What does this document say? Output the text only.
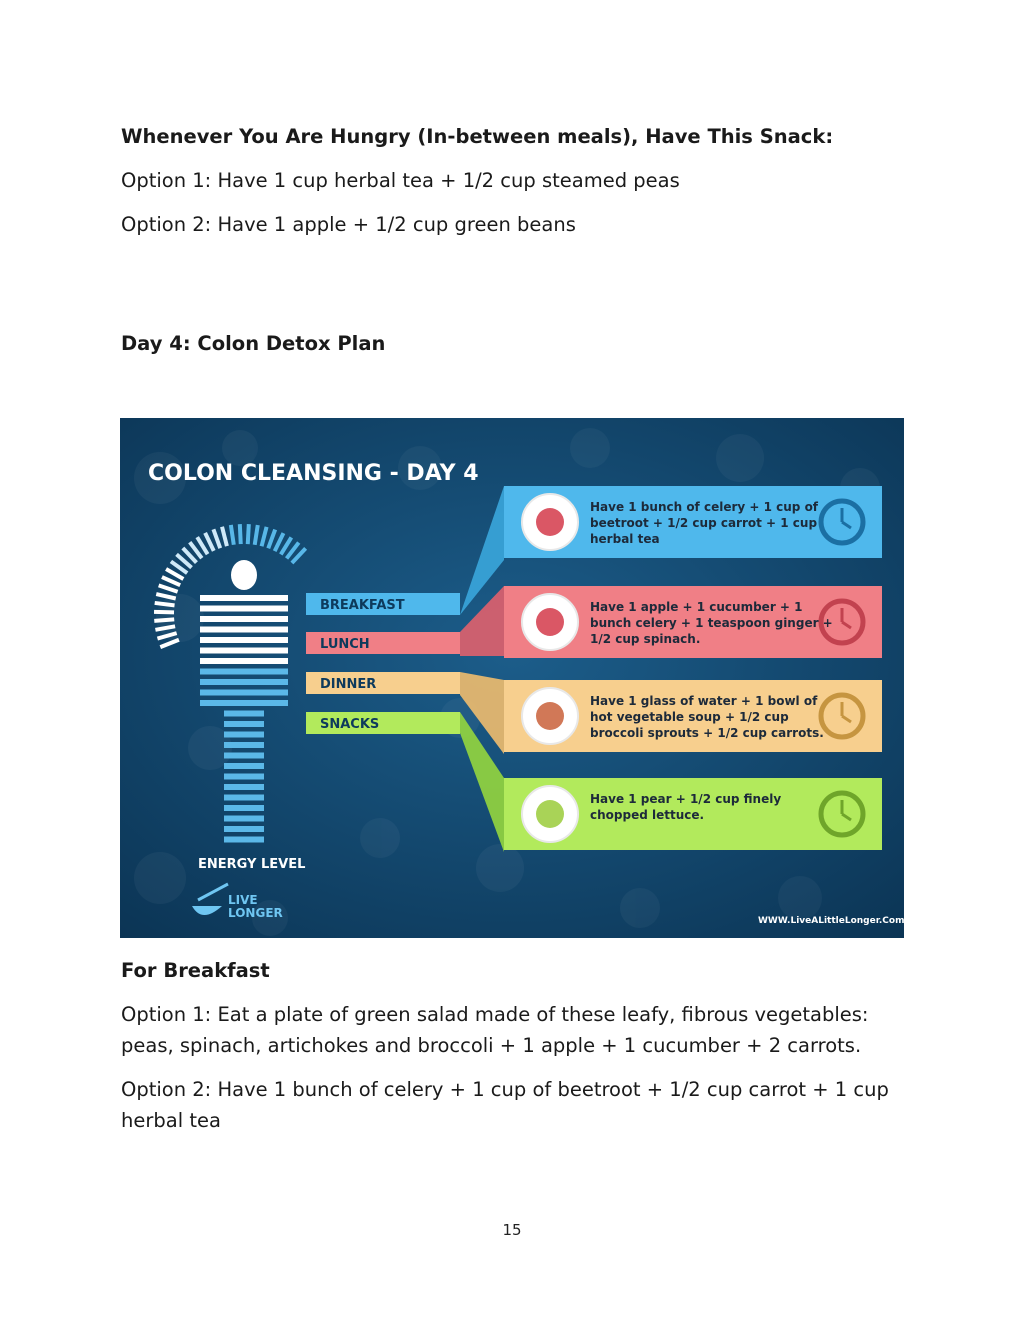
Whenever You Are Hungry (In-between meals), Have This Snack:

Option 1: Have 1 cup herbal tea + 1/2 cup steamed peas

Option 2: Have 1 apple + 1/2 cup green beans

Day 4: Colon Detox Plan

COLON CLEANSING - DAY 4
ENERGY LEVEL
LIVE
LONGER
WWW.LiveALittleLonger.Com
BREAKFAST
Have 1 bunch of celery + 1 cup of
beetroot + 1/2 cup carrot + 1 cup
herbal tea
LUNCH
Have 1 apple + 1 cucumber + 1
bunch celery + 1 teaspoon ginger +
1/2 cup spinach.
DINNER
Have 1 glass of water + 1 bowl of
hot vegetable soup + 1/2 cup
broccoli sprouts + 1/2 cup carrots.
SNACKS
Have 1 pear + 1/2 cup finely
chopped lettuce.

For Breakfast

Option 1: Eat a plate of green salad made of these leafy, fibrous vegetables: peas, spinach, artichokes and broccoli + 1 apple + 1 cucumber + 2 carrots.

Option 2: Have 1 bunch of celery + 1 cup of beetroot + 1/2 cup carrot + 1 cup herbal tea

15
